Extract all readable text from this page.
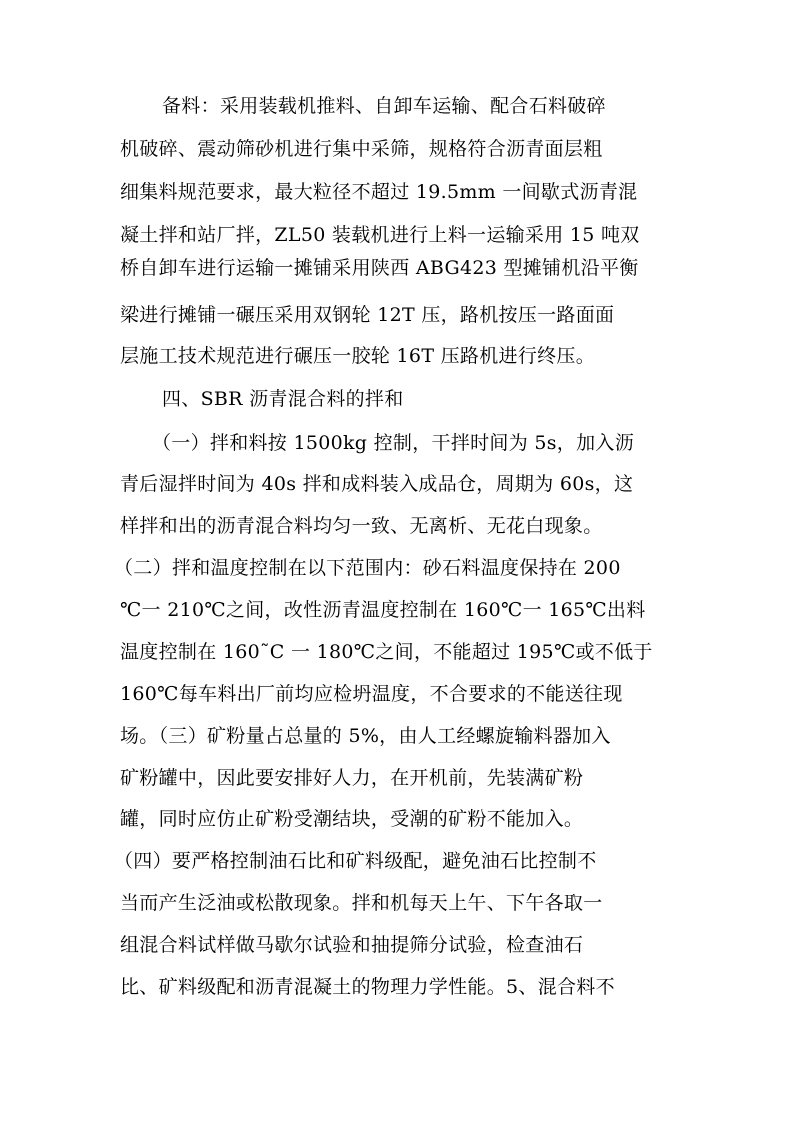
备料：采用装载机推料、自卸车运输、配合石料破碎
机破碎、震动筛砂机进行集中采筛，规格符合沥青面层粗
细集料规范要求，最大粒径不超过 19.5mm 一间歇式沥青混
凝土拌和站厂拌，ZL50 装载机进行上料一运输采用 15 吨双
桥自卸车进行运输一摊铺采用陕西 ABG423 型摊铺机沿平衡
梁进行摊铺一碾压采用双钢轮 12T 压，路机按压一路面面
层施工技术规范进行碾压一胶轮 16T 压路机进行终压。
四、SBR 沥青混合料的拌和
（一）拌和料按 1500kg 控制，干拌时间为 5s，加入沥
青后湿拌时间为 40s 拌和成料装入成品仓，周期为 60s，这
样拌和出的沥青混合料均匀一致、无离析、无花白现象。
（二）拌和温度控制在以下范围内：砂石料温度保持在 200
℃一 210℃之间，改性沥青温度控制在 160℃一 165℃出料
温度控制在 160˜C 一 180℃之间，不能超过 195℃或不低于
160℃每车料出厂前均应检坍温度，不合要求的不能送往现
场。（三）矿粉量占总量的 5%，由人工经螺旋输料器加入
矿粉罐中，因此要安排好人力，在开机前，先装满矿粉
罐，同时应仿止矿粉受潮结块，受潮的矿粉不能加入。
（四）要严格控制油石比和矿料级配，避免油石比控制不
当而产生泛油或松散现象。拌和机每天上午、下午各取一
组混合料试样做马歇尔试验和抽提筛分试验，检查油石
比、矿料级配和沥青混凝土的物理力学性能。5、混合料不
